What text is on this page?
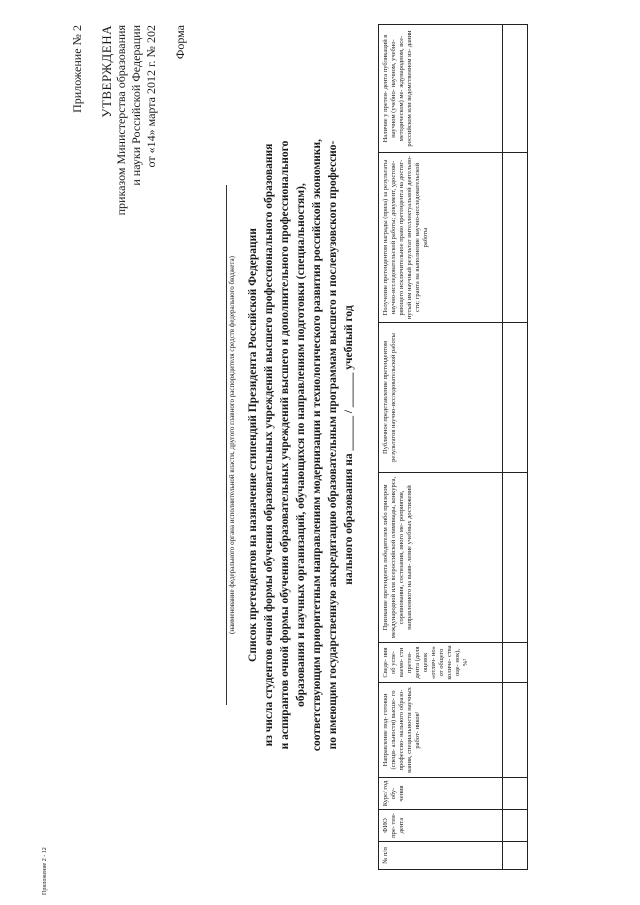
Приложение 2 - 12
Приложение № 2 УТВЕРЖДЕНА приказом Министерства образования и науки Российской Федерации от «14» марта 2012 г. № 202 Форма
(наименование федерального органа исполнительной власти, другого главного распорядителя средств федерального бюджета) Список претендентов на назначение стипендий Президента Российской Федерации из числа студентов очной формы обучения образовательных учреждений высшего профессионального образования и аспирантов очной формы обучения образовательных учреждений высшего и дополнительного профессионального образования и научных организаций, обучающихся по направлениям подготовки (специальностям), соответствующим приоритетным направлениям модернизации и технологического развития российской экономики, по имеющим государственную аккредитацию образовательным программам высшего и послевузовского профессио- нального образования на ______ / ______ учебный год
№ п/п	ФИО пре- тен- дента	Курс/ год обу- чения	Направление под- готовки (специ- альности) высше- го профессио- нального образо- вания, специальности научных работ- ников¹	Сведе- ния об успе- ваемо- сти претен- дента (доля оценок «отлич- но» от общего количе- ства оце- нок), %²	Признание претендента победителем либо призером международной или всероссийской олимпиады, конкурса, соревнования, состязания, иного ме- роприятия, направленного на выяв- ление учебных достижений	Публичное представление претендентом результатов научно-исследовательской работы	Получение претендентом награды (приза) за результаты научно-исследовательской работы; документ, удостове- ряющего исключительное право претендента на достиг- нутый им научный результат интеллектуальной деятельно- сти; гранта на выполнение научно-исследовательской работы	Наличие у претен- дента публикаций в научном (учебно- научном, учебно- методическом) ме- ждународном, все- российском или ведомственном из- дании
